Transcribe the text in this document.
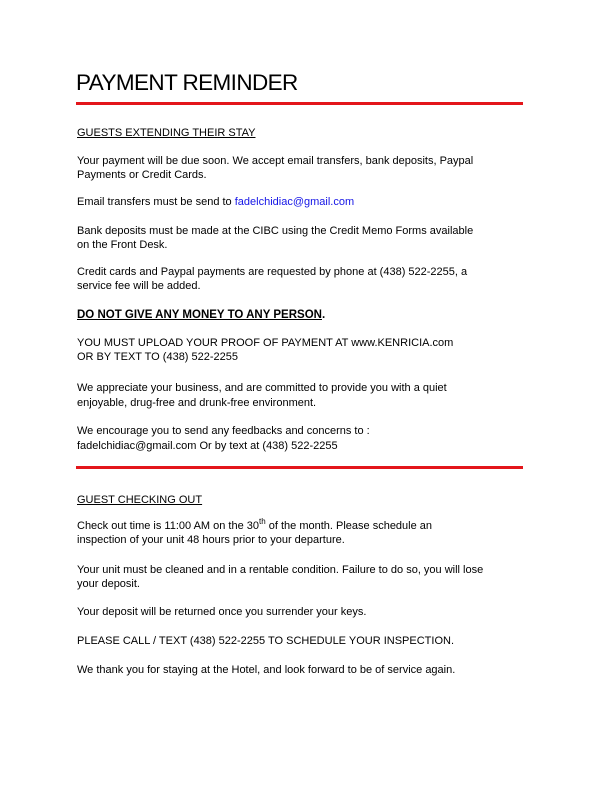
PAYMENT REMINDER
GUESTS EXTENDING THEIR STAY
Your payment will be due soon. We accept email transfers, bank deposits, Paypal
Payments or Credit Cards.
Email transfers must be send to fadelchidiac@gmail.com
Bank deposits must be made at the CIBC using the Credit Memo Forms available
on the Front Desk.
Credit cards and Paypal payments are requested by phone at (438) 522-2255, a
service fee will be added.
DO NOT GIVE ANY MONEY TO ANY PERSON.
YOU MUST UPLOAD YOUR PROOF OF PAYMENT AT www.KENRICIA.com
OR BY TEXT TO (438) 522-2255
We appreciate your business, and are committed to provide you with a quiet
enjoyable, drug-free and drunk-free environment.
We encourage you to send any feedbacks and concerns to :
fadelchidiac@gmail.com Or by text at (438) 522-2255
GUEST CHECKING OUT
Check out time is 11:00 AM on the 30th of the month. Please schedule an
inspection of your unit 48 hours prior to your departure.
Your unit must be cleaned and in a rentable condition. Failure to do so, you will lose
your deposit.
Your deposit will be returned once you surrender your keys.
PLEASE CALL / TEXT (438) 522-2255 TO SCHEDULE YOUR INSPECTION.
We thank you for staying at the Hotel, and look forward to be of service again.
